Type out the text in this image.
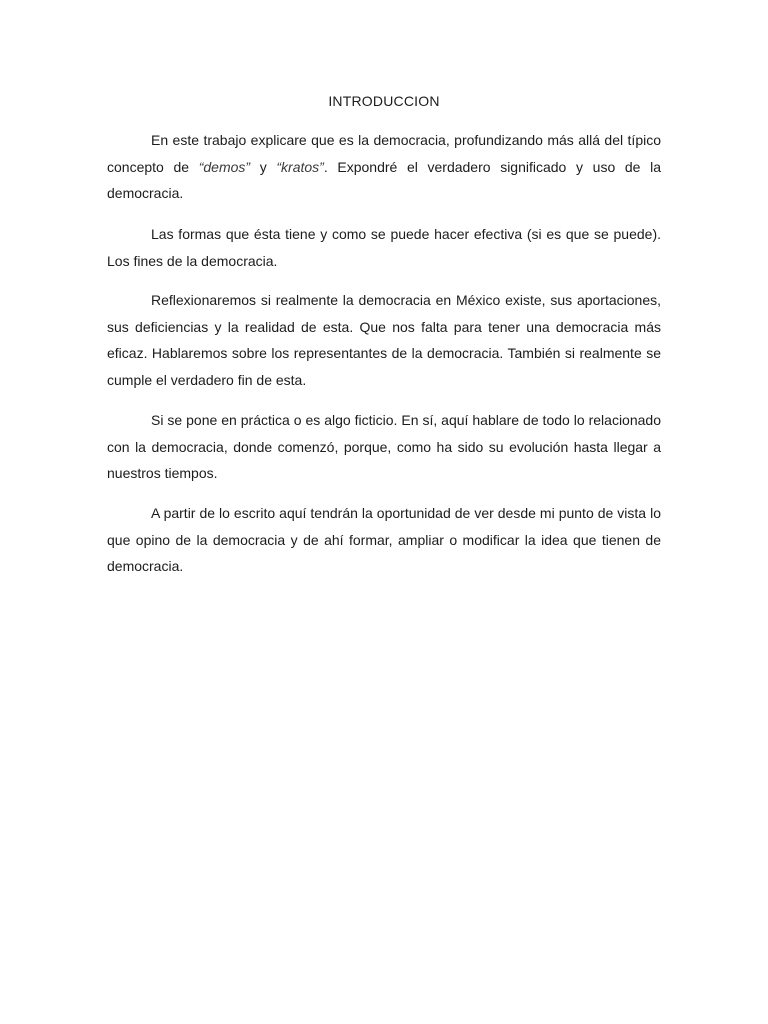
INTRODUCCION

En este trabajo explicare que es la democracia, profundizando más allá del típico concepto de “demos” y “kratos”. Expondré el verdadero significado y uso de la democracia.

Las formas que ésta tiene y como se puede hacer efectiva (si es que se puede). Los fines de la democracia.

Reflexionaremos si realmente la democracia en México existe, sus aportaciones, sus deficiencias y la realidad de esta. Que nos falta para tener una democracia más eficaz. Hablaremos sobre los representantes de la democracia. También si realmente se cumple el verdadero fin de esta.

Si se pone en práctica o es algo ficticio. En sí, aquí hablare de todo lo relacionado con la democracia, donde comenzó, porque, como ha sido su evolución hasta llegar a nuestros tiempos.

A partir de lo escrito aquí tendrán la oportunidad de ver desde mi punto de vista lo que opino de la democracia y de ahí formar, ampliar o modificar la idea que tienen de democracia.
